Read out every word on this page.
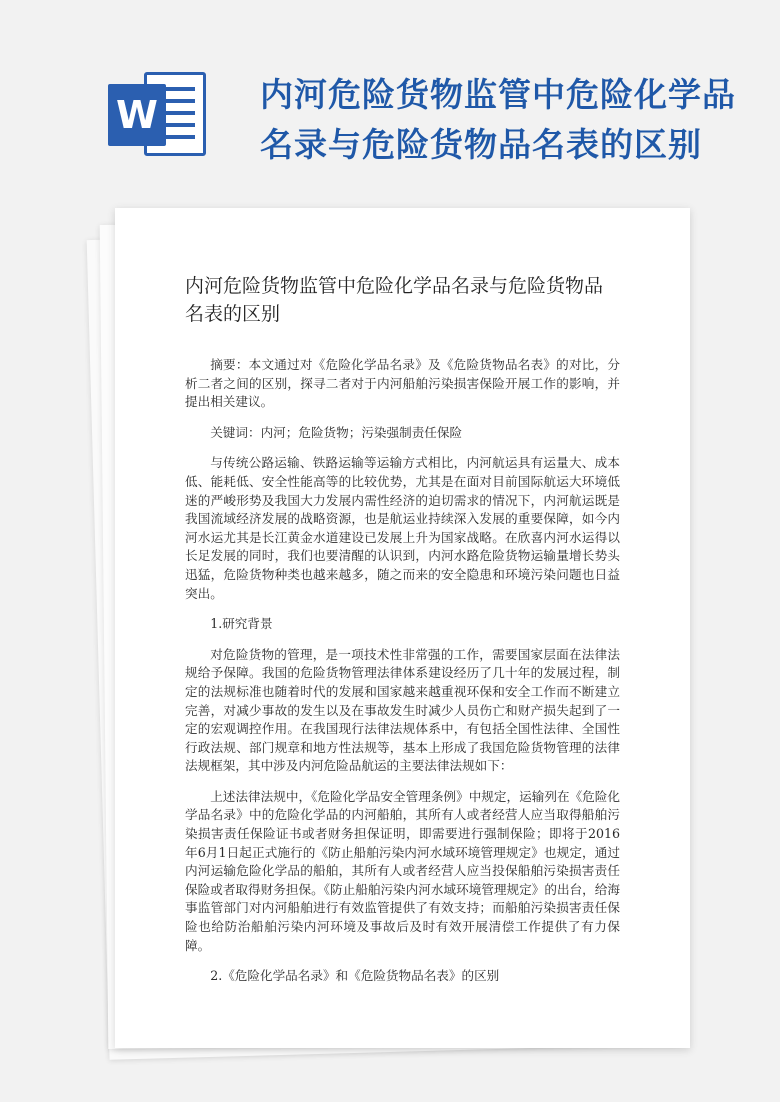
W	内河危险货物监管中危险化学品名录与危险货物品名表的区别
内河危险货物监管中危险化学品名录与危险货物品名表的区别

摘要：本文通过对《危险化学品名录》及《危险货物品名表》的对比，分析二者之间的区别，探寻二者对于内河船舶污染损害保险开展工作的影响，并提出相关建议。

关键词：内河；危险货物；污染强制责任保险

与传统公路运输、铁路运输等运输方式相比，内河航运具有运量大、成本低、能耗低、安全性能高等的比较优势，尤其是在面对目前国际航运大环境低迷的严峻形势及我国大力发展内需性经济的迫切需求的情况下，内河航运既是我国流域经济发展的战略资源，也是航运业持续深入发展的重要保障，如今内河水运尤其是长江黄金水道建设已发展上升为国家战略。在欣喜内河水运得以长足发展的同时，我们也要清醒的认识到，内河水路危险货物运输量增长势头迅猛，危险货物种类也越来越多，随之而来的安全隐患和环境污染问题也日益突出。

1.研究背景

对危险货物的管理，是一项技术性非常强的工作，需要国家层面在法律法规给予保障。我国的危险货物管理法律体系建设经历了几十年的发展过程，制定的法规标准也随着时代的发展和国家越来越重视环保和安全工作而不断建立完善，对减少事故的发生以及在事故发生时减少人员伤亡和财产损失起到了一定的宏观调控作用。在我国现行法律法规体系中，有包括全国性法律、全国性行政法规、部门规章和地方性法规等，基本上形成了我国危险货物管理的法律法规框架，其中涉及内河危险品航运的主要法律法规如下：

上述法律法规中，《危险化学品安全管理条例》中规定，运输列在《危险化学品名录》中的危险化学品的内河船舶，其所有人或者经营人应当取得船舶污染损害责任保险证书或者财务担保证明，即需要进行强制保险；即将于2016年6月1日起正式施行的《防止船舶污染内河水域环境管理规定》也规定，通过内河运输危险化学品的船舶，其所有人或者经营人应当投保船舶污染损害责任保险或者取得财务担保。《防止船舶污染内河水域环境管理规定》的出台，给海事监管部门对内河船舶进行有效监管提供了有效支持；而船舶污染损害责任保险也给防治船舶污染内河环境及事故后及时有效开展清偿工作提供了有力保障。

2.《危险化学品名录》和《危险货物品名表》的区别
